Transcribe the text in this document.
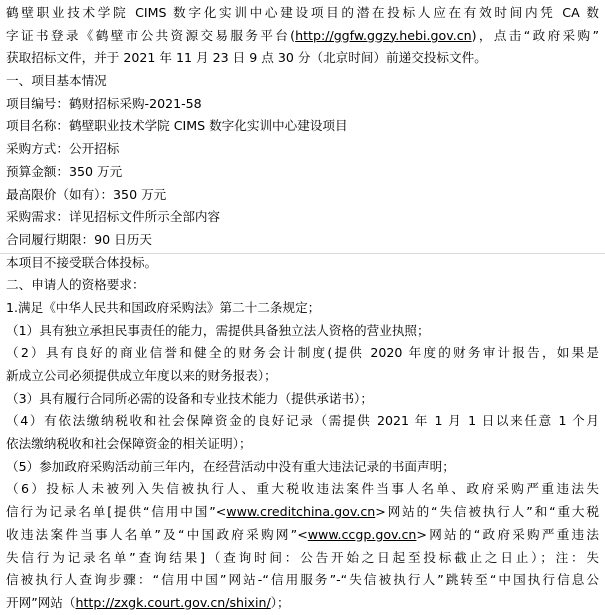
鹤壁职业技术学院 CIMS 数字化实训中心建设项目的潜在投标人应在有效时间内凭 CA 数
字证书登录《鹤壁市公共资源交易服务平台(http://ggfw.ggzy.hebi.gov.cn)，点击“政府采购”
获取招标文件，并于 2021 年 11 月 23 日 9 点 30 分（北京时间）前递交投标文件。
一、项目基本情况
项目编号：鹤财招标采购-2021-58
项目名称：鹤壁职业技术学院 CIMS 数字化实训中心建设项目
采购方式：公开招标
预算金额：350 万元
最高限价（如有）：350 万元
采购需求：详见招标文件所示全部内容
合同履行期限：90 日历天
本项目不接受联合体投标。
二、申请人的资格要求：
1.满足《中华人民共和国政府采购法》第二十二条规定；
（1）具有独立承担民事责任的能力，需提供具备独立法人资格的营业执照；
（2）具有良好的商业信誉和健全的财务会计制度(提供 2020 年度的财务审计报告，如果是
新成立公司必须提供成立年度以来的财务报表）；
（3）具有履行合同所必需的设备和专业技术能力（提供承诺书）；
（4）有依法缴纳税收和社会保障资金的良好记录（需提供 2021 年 1 月 1 日以来任意 1 个月
依法缴纳税收和社会保障资金的相关证明）；
（5）参加政府采购活动前三年内，在经营活动中没有重大违法记录的书面声明；
（6）投标人未被列入失信被执行人、重大税收违法案件当事人名单、政府采购严重违法失
信行为记录名单[提供“信用中国”<www.creditchina.gov.cn>网站的“失信被执行人”和“重大税
收违法案件当事人名单”及“中国政府采购网”<www.ccgp.gov.cn>网站的“政府采购严重违法
失信行为记录名单”查询结果]（查询时间：公告开始之日起至投标截止之日止）；注：失
信被执行人查询步骤：“信用中国”网站-“信用服务”-“失信被执行人”跳转至“中国执行信息公
开网”网站（http://zxgk.court.gov.cn/shixin/）；
